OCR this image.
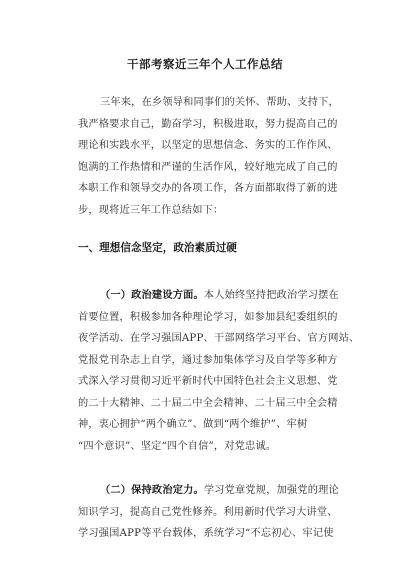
干部考察近三年个人工作总结
三年来，在乡领导和同事们的关怀、帮助、支持下，
我严格要求自己，勤奋学习，积极进取，努力提高自己的
理论和实践水平，以坚定的思想信念、务实的工作作风、
饱满的工作热情和严谨的生活作风，较好地完成了自己的
本职工作和领导交办的各项工作，各方面都取得了新的进
步，现将近三年工作总结如下：
一、理想信念坚定，政治素质过硬
（一）政治建设方面。本人始终坚持把政治学习摆在
首要位置，积极参加各种理论学习，如参加县纪委组织的
夜学活动、在学习强国APP、干部网络学习平台、官方网站、
党报党刊杂志上自学，通过参加集体学习及自学等多种方
式深入学习贯彻习近平新时代中国特色社会主义思想、党
的二十大精神、二十届二中全会精神、二十届三中全会精
神，衷心拥护“两个确立”、做到“两个维护”、牢树
“四个意识”、坚定“四个自信”，对党忠诚。
（二）保持政治定力。学习党章党规，加强党的理论
知识学习，提高自己党性修养。利用新时代学习大讲堂、
学习强国APP等平台载体，系统学习“不忘初心、牢记使
